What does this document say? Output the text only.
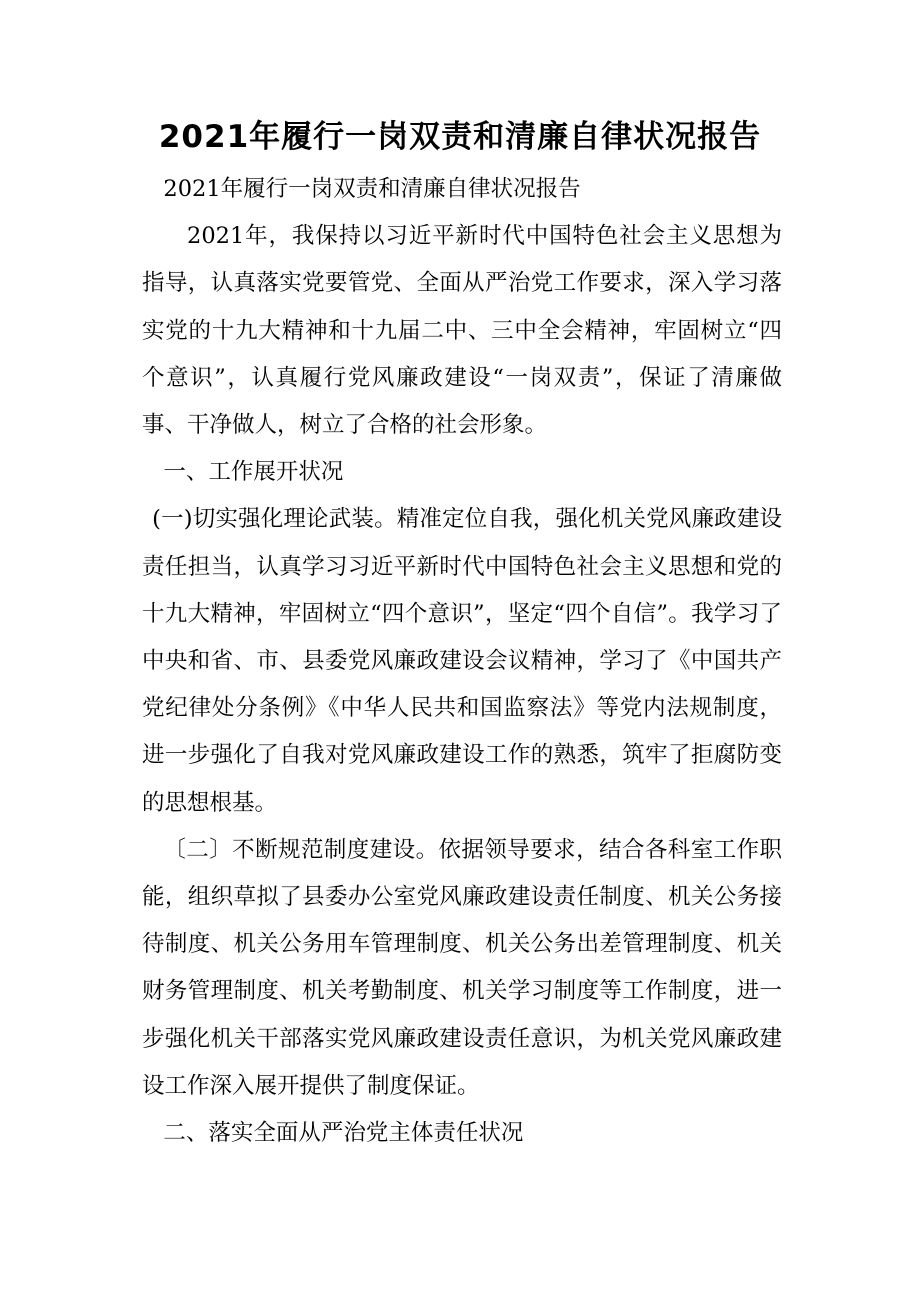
2021年履行一岗双责和清廉自律状况报告

2021年履行一岗双责和清廉自律状况报告

2021年，我保持以习近平新时代中国特色社会主义思想为指导，认真落实党要管党、全面从严治党工作要求，深入学习落实党的十九大精神和十九届二中、三中全会精神，牢固树立“四个意识”，认真履行党风廉政建设“一岗双责”，保证了清廉做事、干净做人，树立了合格的社会形象。

一、工作展开状况

(一)切实强化理论武装。精准定位自我，强化机关党风廉政建设责任担当，认真学习习近平新时代中国特色社会主义思想和党的十九大精神，牢固树立“四个意识”，坚定“四个自信”。我学习了中央和省、市、县委党风廉政建设会议精神，学习了《中国共产党纪律处分条例》《中华人民共和国监察法》等党内法规制度，进一步强化了自我对党风廉政建设工作的熟悉，筑牢了拒腐防变的思想根基。

〔二〕不断规范制度建设。依据领导要求，结合各科室工作职能，组织草拟了县委办公室党风廉政建设责任制度、机关公务接待制度、机关公务用车管理制度、机关公务出差管理制度、机关财务管理制度、机关考勤制度、机关学习制度等工作制度，进一步强化机关干部落实党风廉政建设责任意识，为机关党风廉政建设工作深入展开提供了制度保证。

二、落实全面从严治党主体责任状况
